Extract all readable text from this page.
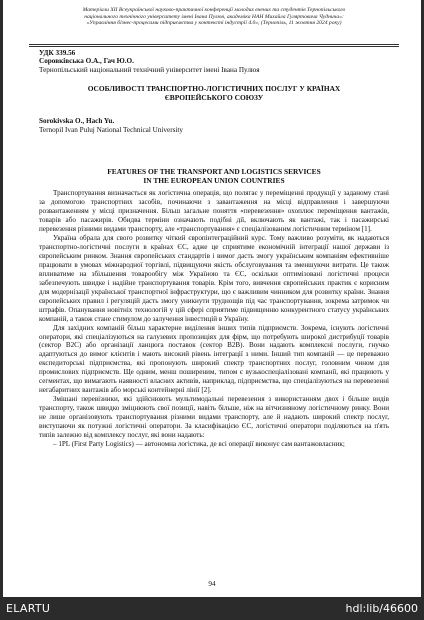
Матеріали ХІІ Всеукраїнської науково-практичної конференції молодих вчених та студентів Тернопільського
національного технічного університету імені Івана Пулюя, академіка НАН Михайла Гуляртовича Чуднича»:
«Управління бізнес-процесами підприємства у контексті індустрії 4.0», (Тернопіль, 11 жовтня 2024 року)
УДК 339.56
Соровківська О.А., Гач Ю.О.
Тернопільський національний технічний університет імені Івана Пулюя
ОСОБЛИВОСТІ ТРАНСПОРТНО-ЛОГІСТИЧНИХ ПОСЛУГ У КРАЇНАХ
ЄВРОПЕЙСЬКОГО СОЮЗУ
Sorokivska O., Hach Yu.
Ternopil Ivan Puluj National Technical University
FEATURES OF THE TRANSPORT AND LOGISTICS SERVICES
IN THE EUROPEAN UNION COUNTRIES

Транспортування визначається як логістична операція, що полягає у переміщенні продукції у заданому стані за допомогою транспортних засобів, починаючи з завантаження на місці відправлення і завершуючи розвантаженням у місці призначення. Більш загальне поняття «перевезення» охоплює переміщення вантажів, товарів або пасажирів. Обидва терміни означають подібні дії, включають як вантажі, так і пасажирські перевезення різними видами транспорту, але «транспортування» є спеціалізованим логістичним терміном [1].

Україна обрала для свого розвитку чіткий європінтеграційний курс. Тому важливо розуміти, як надаються транспортно-логістичні послуги в країнах ЄС, адже це сприятиме економічній інтеграції нашої держави із європейським ринком. Знання європейських стандартів і вимог дасть змогу українським компаніям ефективніше працювати в умовах міжнародної торгівлі, підвищуючи якість обслуговування та зменшуючи витрати. Це також впливатиме на збільшення товарообігу між Україною та ЄС, оскільки оптимізовані логістичні процеси забезпечують швидке і надійне транспортування товарів. Крім того, вивчення європейських практик є корисним для модернізації української транспортної інфраструктури, що є важливим чинником для розвитку країни. Знання європейських правил і регуляцій дасть змогу уникнути труднощів під час транспортування, зокрема затримок чи штрафів. Опанування новітніх технологій у цій сфері сприятиме підвищенню конкурентного статусу українських компаній, а також стане стимулом до залучення інвестицій в Україну.

Для західних компаній більш характерне виділення інших типів підприємств. Зокрема, існують логістичні оператори, які спеціалізуються на галузевих пропозиціях для фірм, що потребують широкої дистрибуції товарів (сектор B2C) або організації ланцюга поставок (сектор B2B). Вони надають комплексні послуги, гнучко адаптуються до вимог клієнтів і мають високий рівень інтеграції з ними. Інший тип компаній — це переважно експедиторські підприємства, які пропонують широкий спектр транспортних послуг, головним чином для промислових підприємств. Ще одним, менш поширеним, типом є вузькоспеціалізовані компанії, які працюють у сегментах, що вимагають наявності власних активів, наприклад, підприємства, що спеціалізуються на перевезенні негабаритних вантажів або морські контейнерні лінії [2].

Змішані перевізники, які здійснюють мультимодальні перевезення з використанням двох і більше видів транспорту, також швидко зміцнюють свої позиції, навіть більше, ніж на вітчизняному логістичному ринку. Вони не лише організовують транспортування різними видами транспорту, але й надають широкий спектр послуг, виступаючи як потужні логістичні оператори. За класифікацією ЄС, логістичні оператори поділяються на п'ять типів залежно від комплексу послуг, які вони надають:

– 1PL (First Party Logistics) — автономна логістика, де всі операції виконує сам вантажовласник;

94
ELARTU	hdl:lib/46600
